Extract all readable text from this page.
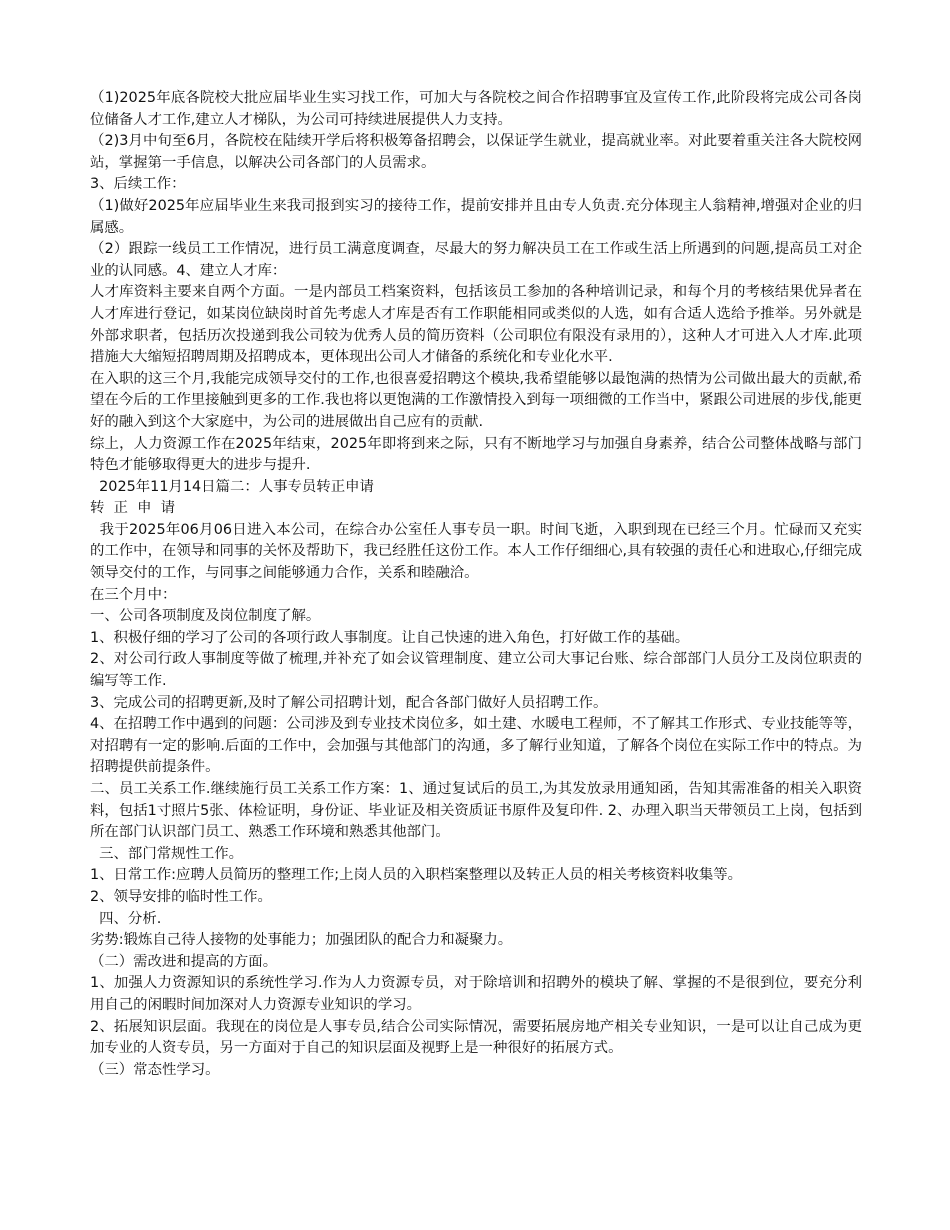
（1)2025年底各院校大批应届毕业生实习找工作，可加大与各院校之间合作招聘事宜及宣传工作,此阶段将完成公司各岗位储备人才工作,建立人才梯队，为公司可持续进展提供人力支持。

（2)3月中旬至6月，各院校在陆续开学后将积极筹备招聘会，以保证学生就业，提高就业率。对此要着重关注各大院校网站，掌握第一手信息，以解决公司各部门的人员需求。

3、后续工作：

（1)做好2025年应届毕业生来我司报到实习的接待工作，提前安排并且由专人负责.充分体现主人翁精神,增强对企业的归属感。

（2）跟踪一线员工工作情况，进行员工满意度调查，尽最大的努力解决员工在工作或生活上所遇到的问题,提高员工对企业的认同感。4、建立人才库：

人才库资料主要来自两个方面。一是内部员工档案资料，包括该员工参加的各种培训记录，和每个月的考核结果优异者在人才库进行登记，如某岗位缺岗时首先考虑人才库是否有工作职能相同或类似的人选，如有合适人选给予推举。另外就是外部求职者，包括历次投递到我公司较为优秀人员的简历资料（公司职位有限没有录用的），这种人才可进入人才库.此项措施大大缩短招聘周期及招聘成本，更体现出公司人才储备的系统化和专业化水平.

在入职的这三个月,我能完成领导交付的工作,也很喜爱招聘这个模块,我希望能够以最饱满的热情为公司做出最大的贡献,希望在今后的工作里接触到更多的工作.我也将以更饱满的工作激情投入到每一项细微的工作当中，紧跟公司进展的步伐,能更好的融入到这个大家庭中，为公司的进展做出自己应有的贡献.

综上，人力资源工作在2025年结束，2025年即将到来之际，只有不断地学习与加强自身素养，结合公司整体战略与部门特色才能够取得更大的进步与提升.

2025年11月14日篇二：人事专员转正申请

转  正  申  请

我于2025年06月06日进入本公司，在综合办公室任人事专员一职。时间飞逝，入职到现在已经三个月。忙碌而又充实的工作中，在领导和同事的关怀及帮助下，我已经胜任这份工作。本人工作仔细细心,具有较强的责任心和进取心,仔细完成领导交付的工作，与同事之间能够通力合作，关系和睦融洽。

在三个月中：

一、公司各项制度及岗位制度了解。

1、积极仔细的学习了公司的各项行政人事制度。让自己快速的进入角色，打好做工作的基础。

2、对公司行政人事制度等做了梳理,并补充了如会议管理制度、建立公司大事记台账、综合部部门人员分工及岗位职责的编写等工作.

3、完成公司的招聘更新,及时了解公司招聘计划，配合各部门做好人员招聘工作。

4、在招聘工作中遇到的问题：公司涉及到专业技术岗位多，如土建、水暖电工程师，不了解其工作形式、专业技能等等，对招聘有一定的影响.后面的工作中，会加强与其他部门的沟通，多了解行业知道，了解各个岗位在实际工作中的特点。为招聘提供前提条件。

二、员工关系工作.继续施行员工关系工作方案：1、通过复试后的员工,为其发放录用通知函，告知其需准备的相关入职资料，包括1寸照片5张、体检证明，身份证、毕业证及相关资质证书原件及复印件. 2、办理入职当天带领员工上岗，包括到所在部门认识部门员工、熟悉工作环境和熟悉其他部门。

三、部门常规性工作。

1、日常工作:应聘人员简历的整理工作;上岗人员的入职档案整理以及转正人员的相关考核资料收集等。

2、领导安排的临时性工作。

四、分析.

劣势:锻炼自己待人接物的处事能力；加强团队的配合力和凝聚力。

（二）需改进和提高的方面。

1、加强人力资源知识的系统性学习.作为人力资源专员，对于除培训和招聘外的模块了解、掌握的不是很到位，要充分利用自己的闲暇时间加深对人力资源专业知识的学习。

2、拓展知识层面。我现在的岗位是人事专员,结合公司实际情况，需要拓展房地产相关专业知识，一是可以让自己成为更加专业的人资专员，另一方面对于自己的知识层面及视野上是一种很好的拓展方式。

（三）常态性学习。
